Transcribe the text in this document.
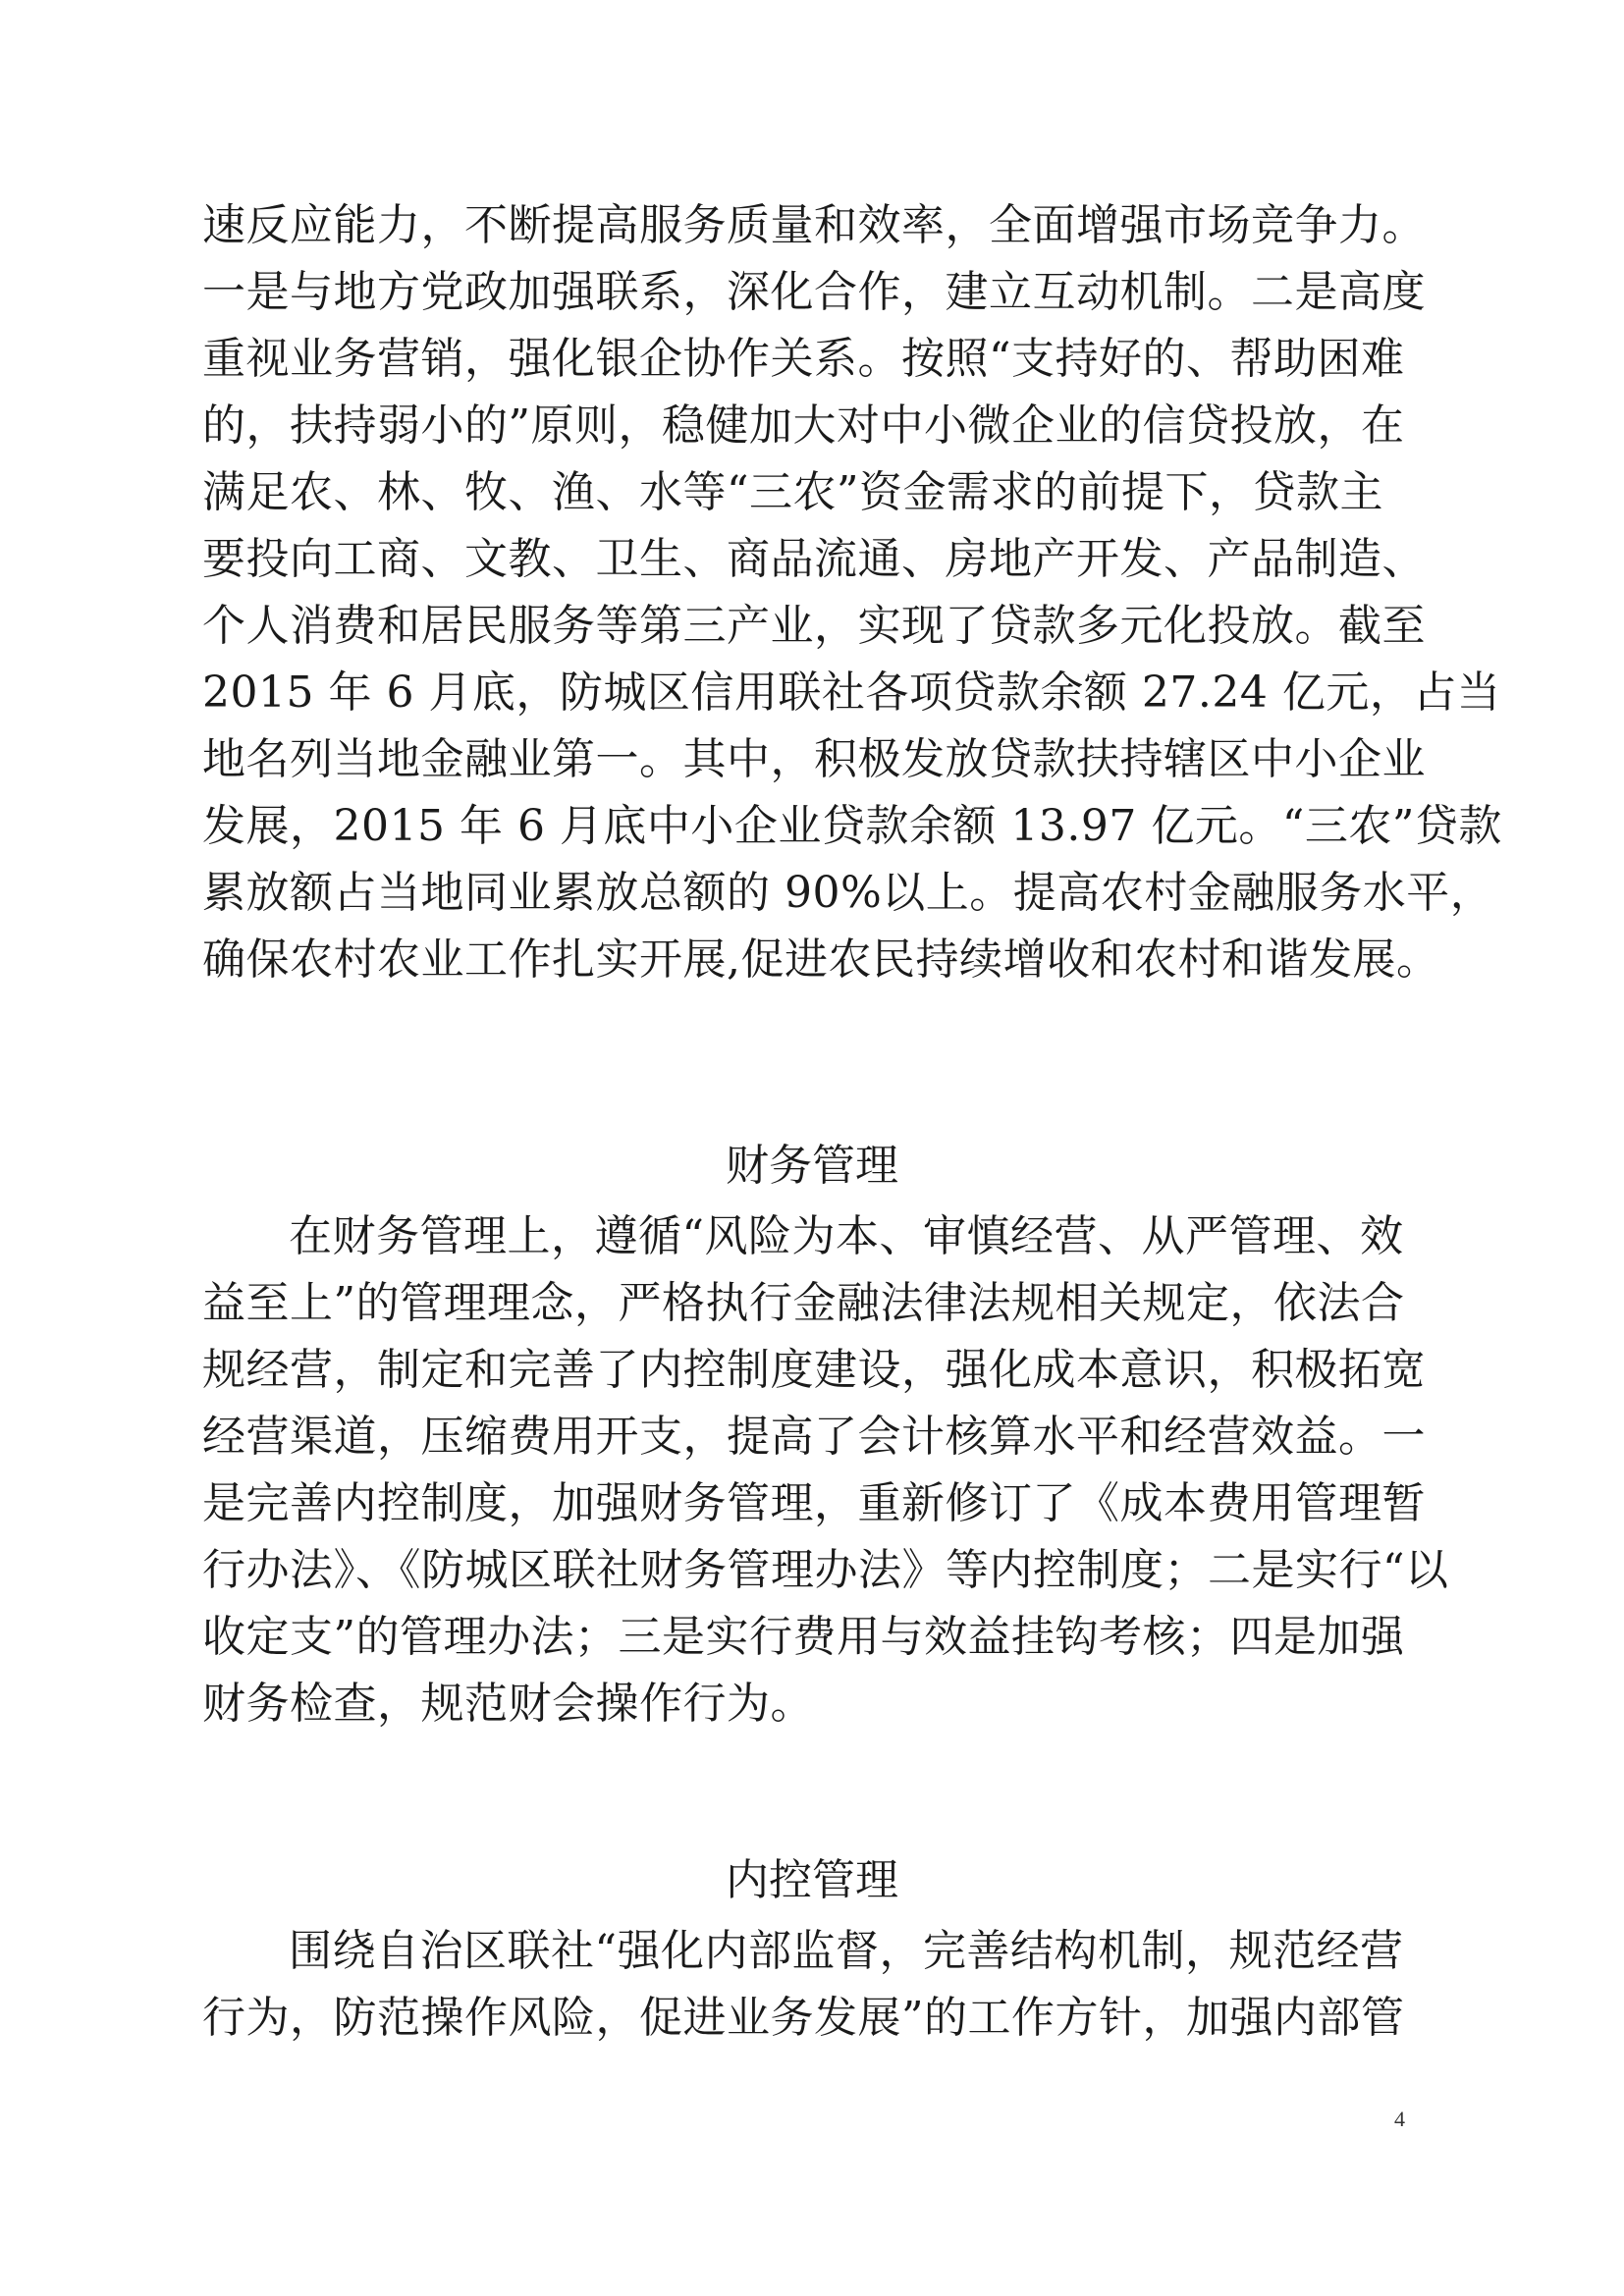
速反应能力，不断提高服务质量和效率，全面增强市场竞争力。
一是与地方党政加强联系，深化合作，建立互动机制。二是高度
重视业务营销，强化银企协作关系。按照“支持好的、帮助困难
的，扶持弱小的”原则，稳健加大对中小微企业的信贷投放，在
满足农、林、牧、渔、水等“三农”资金需求的前提下，贷款主
要投向工商、文教、卫生、商品流通、房地产开发、产品制造、
个人消费和居民服务等第三产业，实现了贷款多元化投放。截至
2015 年 6 月底，防城区信用联社各项贷款余额 27.24 亿元，占当
地名列当地金融业第一。其中，积极发放贷款扶持辖区中小企业
发展，2015 年 6 月底中小企业贷款余额 13.97 亿元。“三农”贷款
累放额占当地同业累放总额的 90%以上。提高农村金融服务水平，
确保农村农业工作扎实开展,促进农民持续增收和农村和谐发展。
财务管理
在财务管理上，遵循“风险为本、审慎经营、从严管理、效
益至上”的管理理念，严格执行金融法律法规相关规定，依法合
规经营，制定和完善了内控制度建设，强化成本意识，积极拓宽
经营渠道，压缩费用开支，提高了会计核算水平和经营效益。一
是完善内控制度，加强财务管理，重新修订了《成本费用管理暂
行办法》、《防城区联社财务管理办法》等内控制度；二是实行“以
收定支”的管理办法；三是实行费用与效益挂钩考核；四是加强
财务检查，规范财会操作行为。
内控管理
围绕自治区联社“强化内部监督，完善结构机制，规范经营
行为，防范操作风险，促进业务发展”的工作方针，加强内部管
4
